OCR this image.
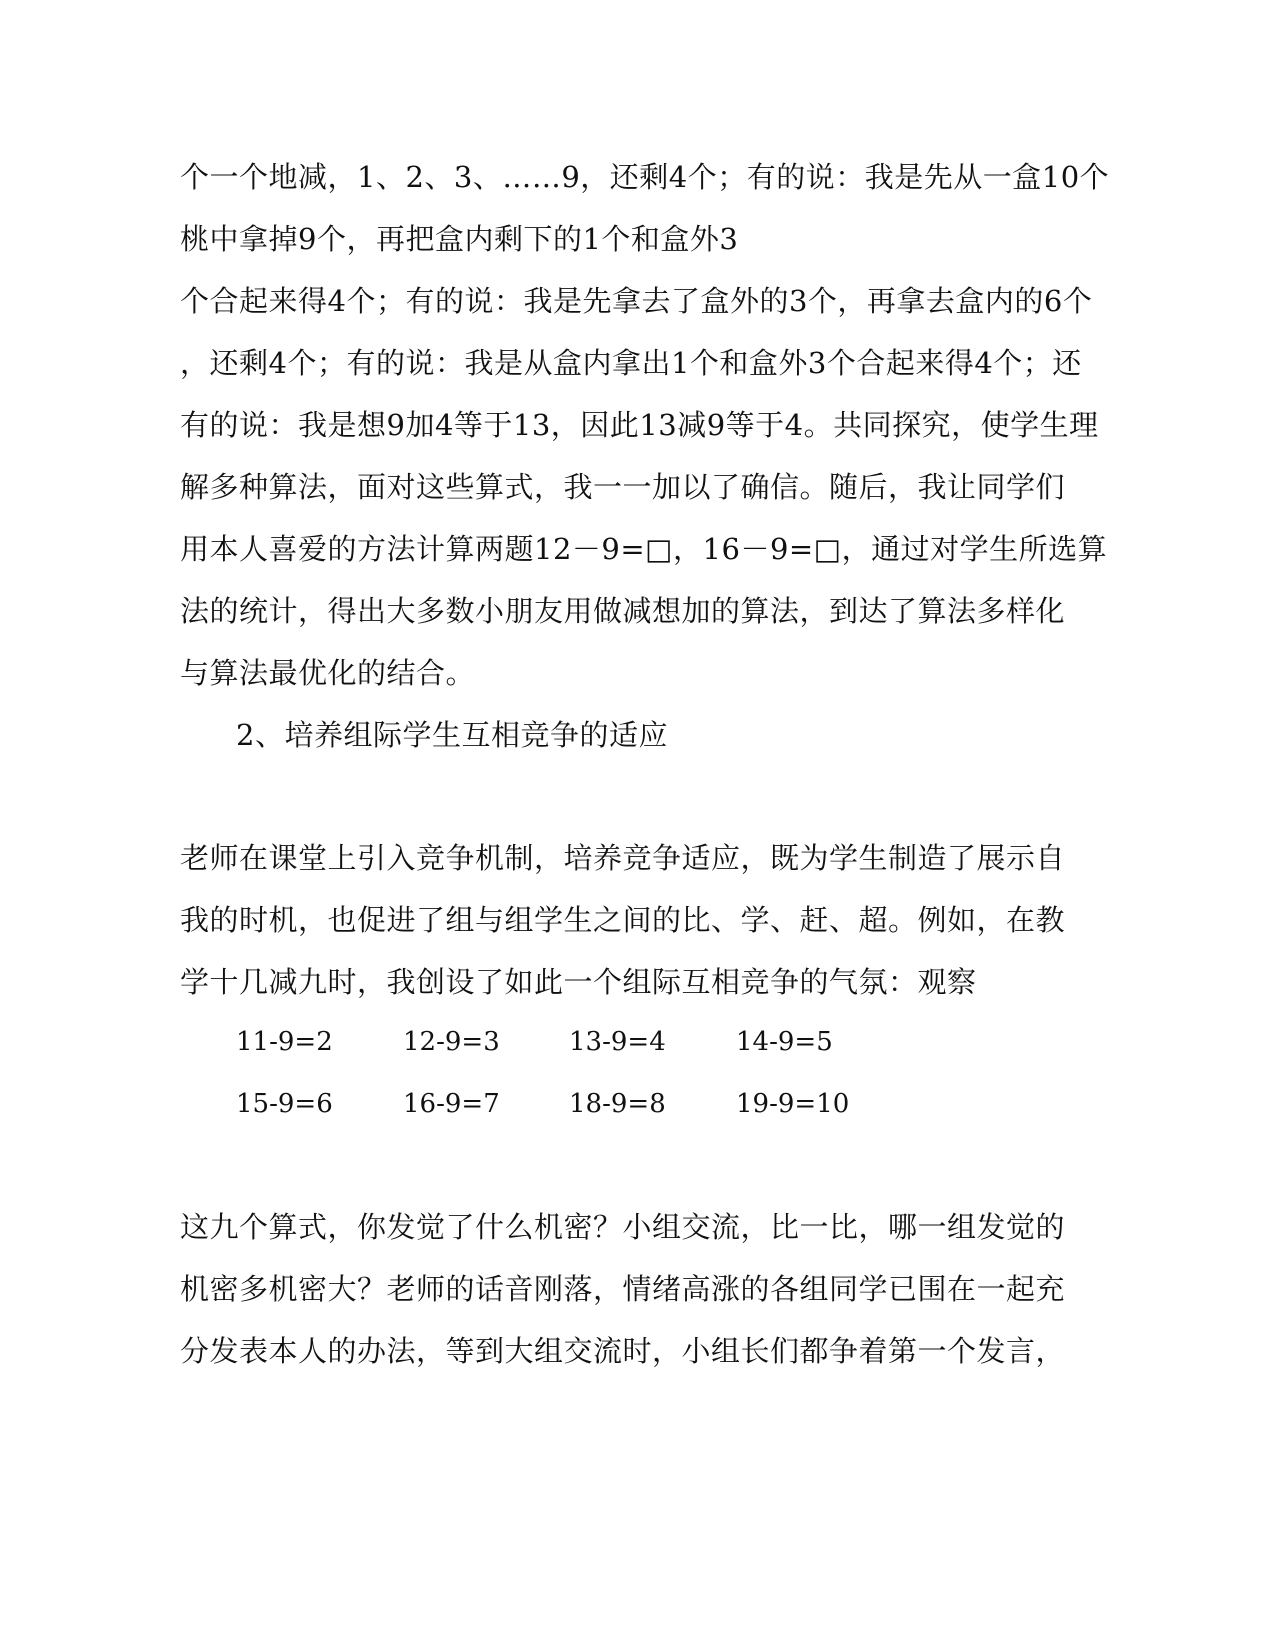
个一个地减，1、2、3、……9，还剩4个；有的说：我是先从一盒10个
桃中拿掉9个，再把盒内剩下的1个和盒外3
个合起来得4个；有的说：我是先拿去了盒外的3个，再拿去盒内的6个
，还剩4个；有的说：我是从盒内拿出1个和盒外3个合起来得4个；还
有的说：我是想9加4等于13，因此13减9等于4。共同探究，使学生理
解多种算法，面对这些算式，我一一加以了确信。随后，我让同学们
用本人喜爱的方法计算两题12－9=□，16－9=□，通过对学生所选算
法的统计，得出大多数小朋友用做减想加的算法，到达了算法多样化
与算法最优化的结合。
2、培养组际学生互相竞争的适应
老师在课堂上引入竞争机制，培养竞争适应，既为学生制造了展示自
我的时机，也促进了组与组学生之间的比、学、赶、超。例如，在教
学十几减九时，我创设了如此一个组际互相竞争的气氛：观察
11-9=2	12-9=3	13-9=4	14-9=5
15-9=6	16-9=7	18-9=8	19-9=10
这九个算式，你发觉了什么机密？小组交流，比一比，哪一组发觉的
机密多机密大？老师的话音刚落，情绪高涨的各组同学已围在一起充
分发表本人的办法，等到大组交流时，小组长们都争着第一个发言，
